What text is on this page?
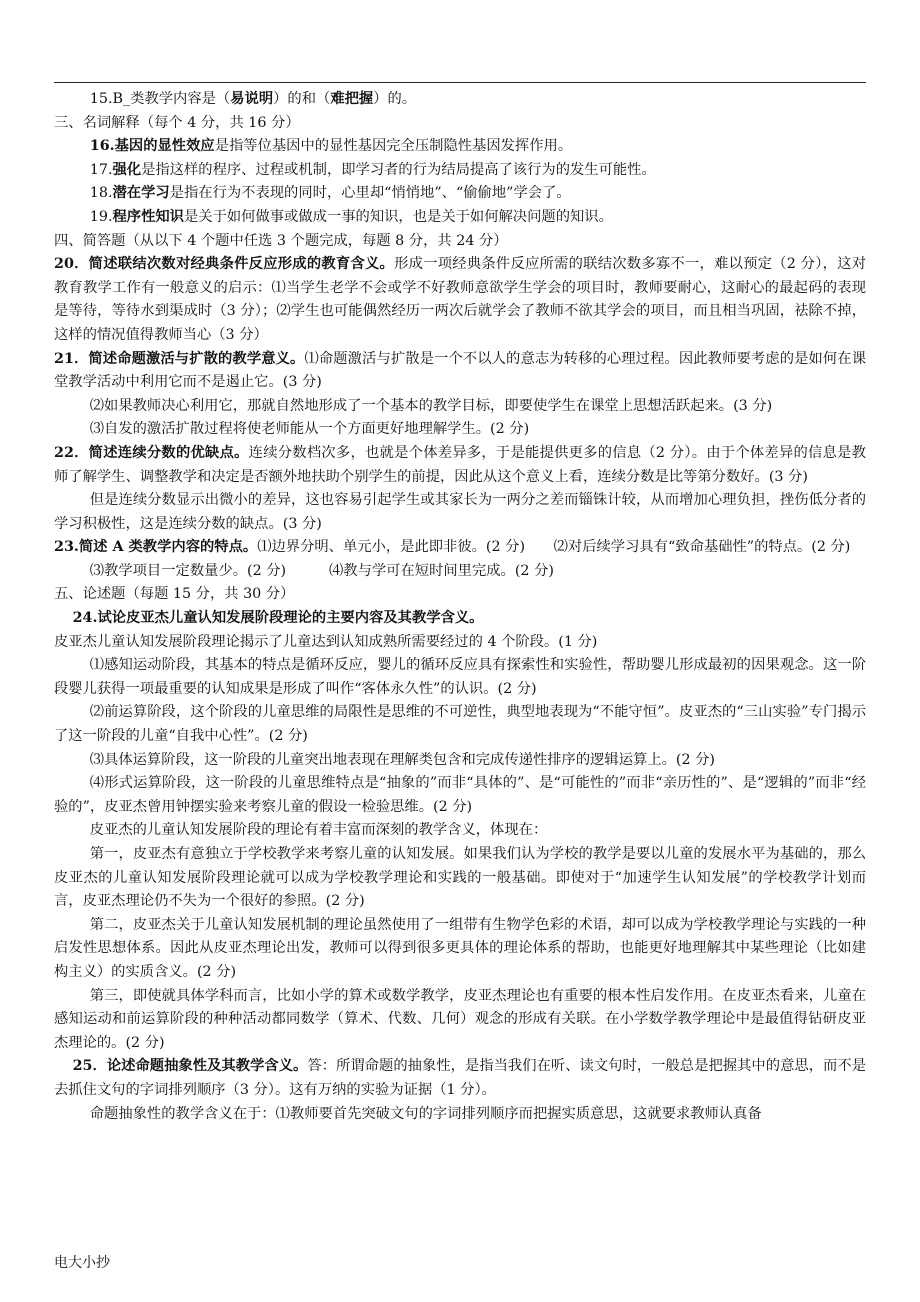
15.B_类教学内容是（易说明）的和（难把握）的。

三、名词解释（每个 4 分，共 16 分）

16.基因的显性效应是指等位基因中的显性基因完全压制隐性基因发挥作用。

17.强化是指这样的程序、过程或机制，即学习者的行为结局提高了该行为的发生可能性。

18.潜在学习是指在行为不表现的同时，心里却“悄悄地”、“偷偷地”学会了。

19.程序性知识是关于如何做事或做成一事的知识，也是关于如何解决问题的知识。

四、简答题（从以下 4 个题中任选 3 个题完成，每题 8 分，共 24 分）

20．简述联结次数对经典条件反应形成的教育含义。形成一项经典条件反应所需的联结次数多寡不一，难以预定（2 分），这对教育教学工作有一般意义的启示：⑴当学生老学不会或学不好教师意欲学生学会的项目时，教师要耐心，这耐心的最起码的表现是等待，等待水到渠成时（3 分）；⑵学生也可能偶然经历一两次后就学会了教师不欲其学会的项目，而且相当巩固，祛除不掉，这样的情况值得教师当心（3 分）

21．简述命题激活与扩散的教学意义。⑴命题激活与扩散是一个不以人的意志为转移的心理过程。因此教师要考虑的是如何在课堂教学活动中利用它而不是遏止它。(3 分)

⑵如果教师决心利用它，那就自然地形成了一个基本的教学目标，即要使学生在课堂上思想活跃起来。(3 分)

⑶自发的激活扩散过程将使老师能从一个方面更好地理解学生。(2 分)

22．简述连续分数的优缺点。连续分数档次多，也就是个体差异多，于是能提供更多的信息（2 分）。由于个体差异的信息是教师了解学生、调整教学和决定是否额外地扶助个别学生的前提，因此从这个意义上看，连续分数是比等第分数好。(3 分)

但是连续分数显示出微小的差异，这也容易引起学生或其家长为一两分之差而锱铢计较，从而增加心理负担，挫伤低分者的学习积极性，这是连续分数的缺点。(3 分)

23.简述 A 类教学内容的特点。⑴边界分明、单元小，是此即非彼。(2 分)　　⑵对后续学习具有“致命基础性”的特点。(2 分)

⑶教学项目一定数量少。(2 分)　　　⑷教与学可在短时间里完成。(2 分)

五、论述题（每题 15 分，共 30 分）

24.试论皮亚杰儿童认知发展阶段理论的主要内容及其教学含义。

皮亚杰儿童认知发展阶段理论揭示了儿童达到认知成熟所需要经过的 4 个阶段。(1 分)

⑴感知运动阶段，其基本的特点是循环反应，婴儿的循环反应具有探索性和实验性，帮助婴儿形成最初的因果观念。这一阶段婴儿获得一项最重要的认知成果是形成了叫作“客体永久性”的认识。(2 分)

⑵前运算阶段，这个阶段的儿童思维的局限性是思维的不可逆性，典型地表现为“不能守恒”。皮亚杰的“三山实验”专门揭示了这一阶段的儿童“自我中心性”。(2 分)

⑶具体运算阶段，这一阶段的儿童突出地表现在理解类包含和完成传递性排序的逻辑运算上。(2 分)

⑷形式运算阶段，这一阶段的儿童思维特点是“抽象的”而非“具体的”、是“可能性的”而非“亲历性的”、是“逻辑的”而非“经验的”，皮亚杰曾用钟摆实验来考察儿童的假设一检验思维。(2 分)

皮亚杰的儿童认知发展阶段的理论有着丰富而深刻的教学含义，体现在：

第一，皮亚杰有意独立于学校教学来考察儿童的认知发展。如果我们认为学校的教学是要以儿童的发展水平为基础的，那么皮亚杰的儿童认知发展阶段理论就可以成为学校教学理论和实践的一般基础。即使对于“加速学生认知发展”的学校教学计划而言，皮亚杰理论仍不失为一个很好的参照。(2 分)

第二，皮亚杰关于儿童认知发展机制的理论虽然使用了一组带有生物学色彩的术语，却可以成为学校教学理论与实践的一种启发性思想体系。因此从皮亚杰理论出发，教师可以得到很多更具体的理论体系的帮助，也能更好地理解其中某些理论（比如建构主义）的实质含义。(2 分)

第三，即使就具体学科而言，比如小学的算术或数学教学，皮亚杰理论也有重要的根本性启发作用。在皮亚杰看来，儿童在感知运动和前运算阶段的种种活动都同数学（算术、代数、几何）观念的形成有关联。在小学数学教学理论中是最值得钻研皮亚杰理论的。(2 分)

25．论述命题抽象性及其教学含义。答：所谓命题的抽象性，是指当我们在听、读文句时，一般总是把握其中的意思，而不是去抓住文句的字词排列顺序（3 分）。这有万纳的实验为证据（1 分）。

命题抽象性的教学含义在于：⑴教师要首先突破文句的字词排列顺序而把握实质意思，这就要求教师认真备

电大小抄
